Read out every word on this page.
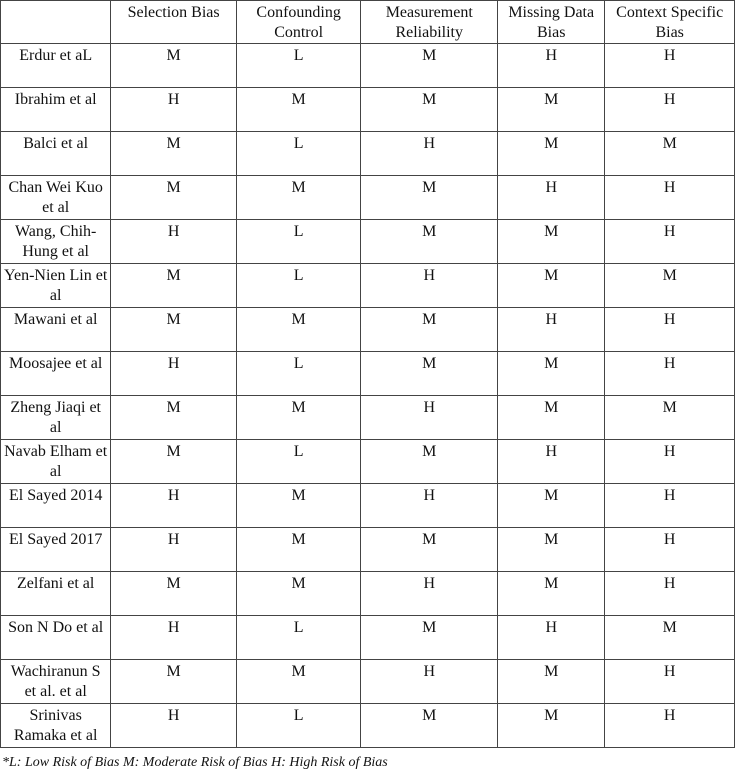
	Selection Bias	Confounding Control	Measurement Reliability	Missing Data Bias	Context Specific Bias
Erdur et aL	M	L	M	H	H
Ibrahim et al	H	M	M	M	H
Balci et al	M	L	H	M	M
Chan Wei Kuo et al	M	M	M	H	H
Wang, Chih-Hung et al	H	L	M	M	H
Yen-Nien Lin et al	M	L	H	M	M
Mawani et al	M	M	M	H	H
Moosajee et al	H	L	M	M	H
Zheng Jiaqi et al	M	M	H	M	M
Navab Elham et al	M	L	M	H	H
El Sayed 2014	H	M	H	M	H
El Sayed 2017	H	M	M	M	H
Zelfani et al	M	M	H	M	H
Son N Do et al	H	L	M	H	M
Wachiranun S et al. et al	M	M	H	M	H
Srinivas Ramaka et al	H	L	M	M	H
*L: Low Risk of Bias M: Moderate Risk of Bias H: High Risk of Bias
